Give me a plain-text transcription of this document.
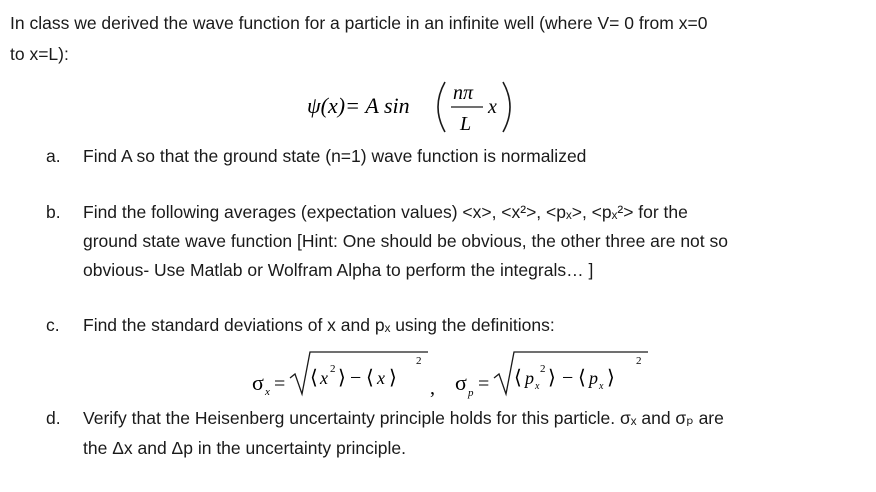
In class we derived the wave function for a particle in an infinite well (where V= 0 from x=0
to x=L):
ψ(x)= A sin nπ
L
x
a. Find A so that the ground state (n=1) wave function is normalized
b. Find the following averages (expectation values) <x>, <x²>, <pₓ>, <pₓ²> for the
ground state wave function [Hint: One should be obvious, the other three are not so
obvious- Use Matlab or Wolfram Alpha to perform the integrals… ]
c. Find the standard deviations of x and pₓ using the definitions:
σ x = ⟨ x 2 ⟩ − ⟨ x ⟩
2
, σ p = ⟨ p x
2 ⟩ − ⟨ p x ⟩
2
d. Verify that the Heisenberg uncertainty principle holds for this particle. σₓ and σₚ are
the Δx and Δp in the uncertainty principle.
